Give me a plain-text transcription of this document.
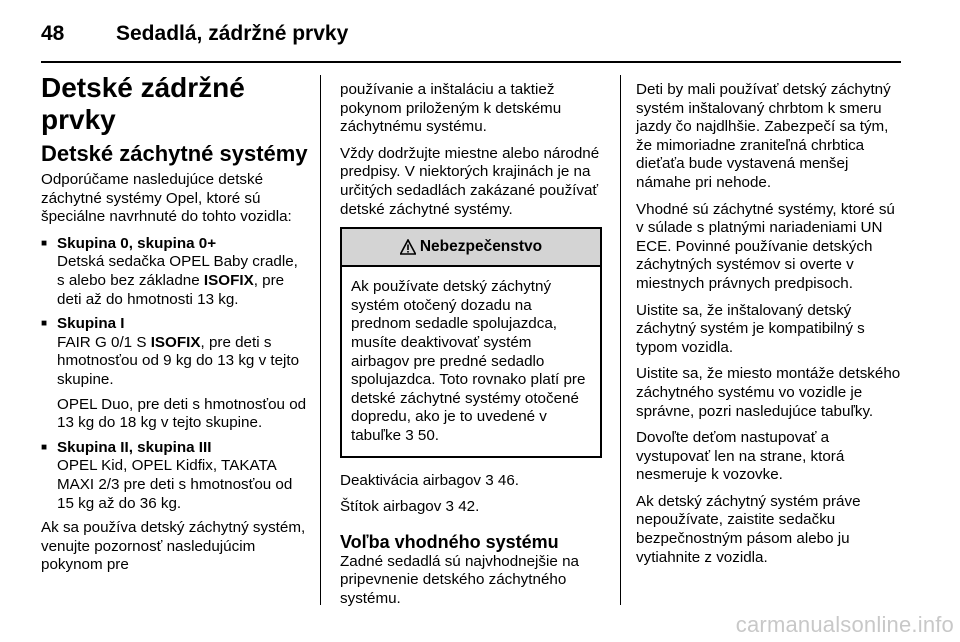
48	Sedadlá, zádržné prvky
Detské zádržné prvky
Detské záchytné systémy

Odporúčame nasledujúce detské záchytné systémy Opel, ktoré sú špeciálne navrhnuté do tohto vozidla:

■ Skupina 0, skupina 0+

Detská sedačka OPEL Baby cradle, s alebo bez základne ISOFIX, pre deti až do hmotnosti 13 kg.

■ Skupina I

FAIR G 0/1 S ISOFIX, pre deti s hmotnosťou od 9 kg do 13 kg v tejto skupine.

OPEL Duo, pre deti s hmotnosťou od 13 kg do 18 kg v tejto skupine.

■ Skupina II, skupina III

OPEL Kid, OPEL Kidfix, TAKATA MAXI 2/3 pre deti s hmotnosťou od 15 kg až do 36 kg.

Ak sa používa detský záchytný systém, venujte pozornosť nasledujúcim pokynom pre

používanie a inštaláciu a taktiež pokynom priloženým k detskému záchytnému systému.

Vždy dodržujte miestne alebo národné predpisy. V niektorých krajinách je na určitých sedadlách zakázané používať detské záchytné systémy.

Nebezpečenstvo
Ak používate detský záchytný systém otočený dozadu na prednom sedadle spolujazdca, musíte deaktivovať systém airbagov pre predné sedadlo spolujazdca. Toto rovnako platí pre detské záchytné systémy otočené dopredu, ako je to uvedené v tabuľke 3 50.

Deaktivácia airbagov 3 46.

Štítok airbagov 3 42.

Voľba vhodného systému

Zadné sedadlá sú najvhodnejšie na pripevnenie detského záchytného systému.

Deti by mali používať detský záchytný systém inštalovaný chrbtom k smeru jazdy čo najdlhšie. Zabezpečí sa tým, že mimoriadne zraniteľná chrbtica dieťaťa bude vystavená menšej námahe pri nehode.

Vhodné sú záchytné systémy, ktoré sú v súlade s platnými nariadeniami UN ECE. Povinné používanie detských záchytných systémov si overte v miestnych právnych predpisoch.

Uistite sa, že inštalovaný detský záchytný systém je kompatibilný s typom vozidla.

Uistite sa, že miesto montáže detského záchytného systému vo vozidle je správne, pozri nasledujúce tabuľky.

Dovoľte deťom nastupovať a vystupovať len na strane, ktorá nesmeruje k vozovke.

Ak detský záchytný systém práve nepoužívate, zaistite sedačku bezpečnostným pásom alebo ju vytiahnite z vozidla.

carmanualsonline.info
